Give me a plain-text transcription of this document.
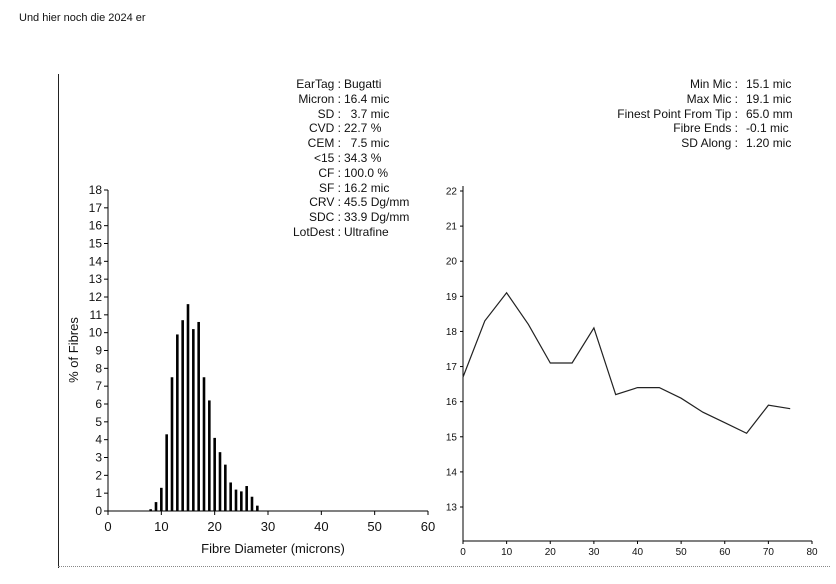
Und hier noch die 2024 er
EarTag : Bugatti
Micron : 16.4 mic
SD : 3.7 mic
CVD : 22.7 %
CEM : 7.5 mic
<15 : 34.3 %
CF : 100.0 %
SF : 16.2 mic
CRV : 45.5 Dg/mm
SDC : 33.9 Dg/mm
LotDest : Ultrafine
Min Mic : 15.1 mic
Max Mic : 19.1 mic
Finest Point From Tip : 65.0 mm
Fibre Ends : -0.1 mic
SD Along : 1.20 mic
0
1
2
3
4
5
6
7
8
9
10
11
12
13
14
15
16
17
18
0	10	20	30	40	50	60
Fibre Diameter (microns)
% of Fibres
13
14
15
16
17
18
19
20
21
22
0	10	20	30	40	50	60	70	80
